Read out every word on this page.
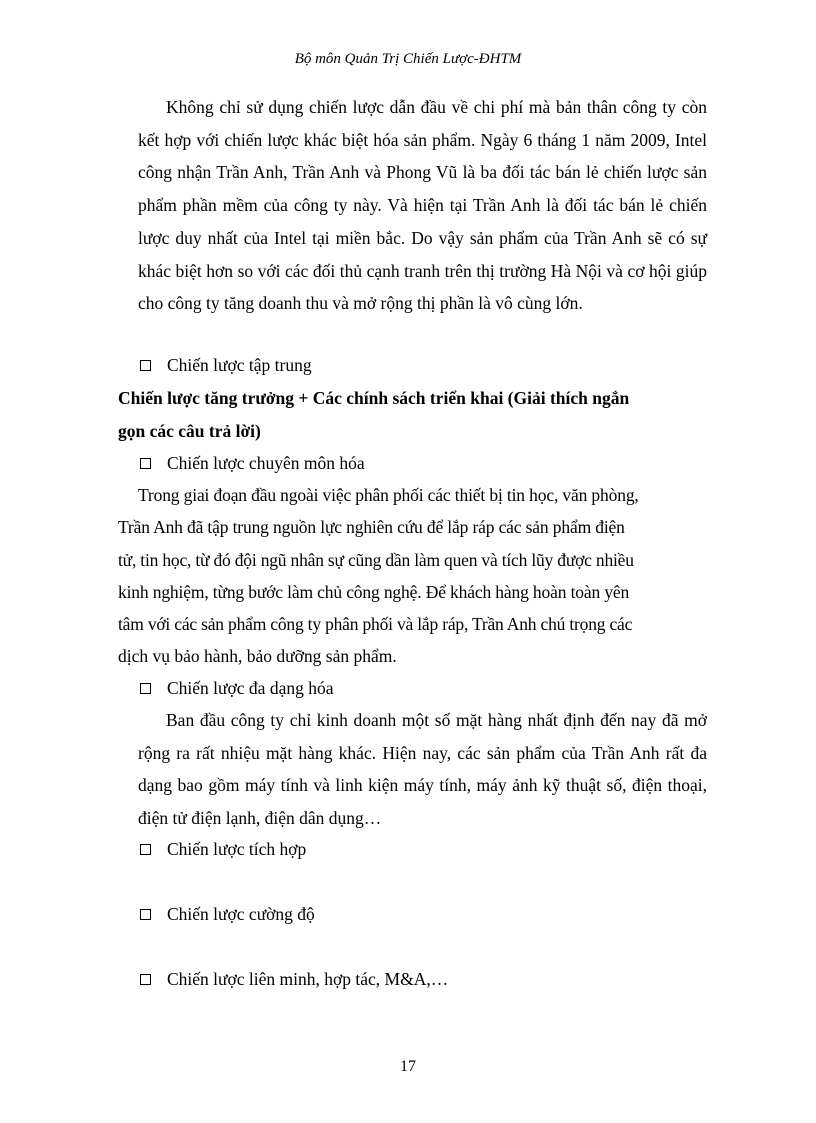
Bộ môn Quản Trị Chiến Lược-ĐHTM

Không chỉ sử dụng chiến lược dẫn đầu về chi phí mà bản thân công ty còn kết hợp với chiến lược khác biệt hóa sản phẩm. Ngày 6 tháng 1 năm 2009, Intel công nhận Trần Anh, Trần Anh và Phong Vũ là ba đối tác bán lẻ chiến lược sản phẩm phần mềm của công ty này. Và hiện tại Trần Anh là đối tác bán lẻ chiến lược duy nhất của Intel tại miền bắc. Do vậy sản phẩm của Trần Anh sẽ có sự khác biệt hơn so với các đối thủ cạnh tranh trên thị trường Hà Nội và cơ hội giúp cho công ty tăng doanh thu và mở rộng thị phần là vô cùng lớn.

Chiến lược tập trung

Chiến lược tăng trưởng + Các chính sách triển khai (Giải thích ngắn

gọn các câu trả lời)

Chiến lược chuyên môn hóa

Trong giai đoạn đầu ngoài việc phân phối các thiết bị tin học, văn phòng,

Trần Anh đã tập trung nguồn lực nghiên cứu để lắp ráp các sản phẩm điện

tử, tin học, từ đó đội ngũ nhân sự cũng dần làm quen và tích lũy được nhiều

kinh nghiệm, từng bước làm chủ công nghệ. Để khách hàng hoàn toàn yên

tâm với các sản phẩm công ty phân phối và lắp ráp, Trần Anh chú trọng các

dịch vụ bảo hành, bảo dưỡng sản phẩm.

Chiến lược đa dạng hóa

Ban đầu công ty chỉ kinh doanh một số mặt hàng nhất định đến nay đã mở rộng ra rất nhiệu mặt hàng khác. Hiện nay, các sản phẩm của Trần Anh rất đa dạng bao gồm máy tính và linh kiện máy tính, máy ảnh kỹ thuật số, điện thoại, điện tử điện lạnh, điện dân dụng…

Chiến lược tích hợp
Chiến lược cường độ
Chiến lược liên minh, hợp tác, M&A,…
17
